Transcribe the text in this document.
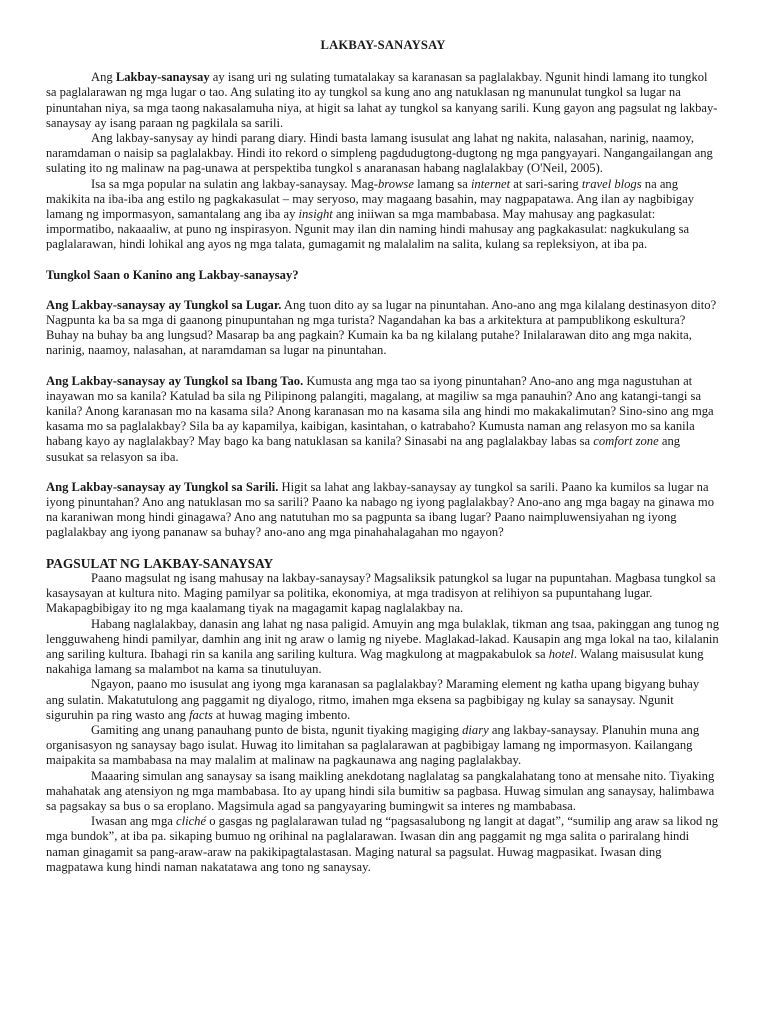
LAKBAY-SANAYSAY

Ang Lakbay-sanaysay ay isang uri ng sulating tumatalakay sa karanasan sa paglalakbay. Ngunit hindi lamang ito tungkol sa paglalarawan ng mga lugar o tao. Ang sulating ito ay tungkol sa kung ano ang natuklasan ng manunulat tungkol sa lugar na pinuntahan niya, sa mga taong nakasalamuha niya, at higit sa lahat ay tungkol sa kanyang sarili. Kung gayon ang pagsulat ng lakbay-sanaysay ay isang paraan ng pagkilala sa sarili.

Ang lakbay-sanysay ay hindi parang diary. Hindi basta lamang isusulat ang lahat ng nakita, nalasahan, narinig, naamoy, naramdaman o naisip sa paglalakbay. Hindi ito rekord o simpleng pagdudugtong-dugtong ng mga pangyayari. Nangangailangan ang sulating ito ng malinaw na pag-unawa at perspektiba tungkol s anaranasan habang naglalakbay (O'Neil, 2005).

Isa sa mga popular na sulatin ang lakbay-sanaysay. Mag-browse lamang sa internet at sari-saring travel blogs na ang makikita na iba-iba ang estilo ng pagkakasulat – may seryoso, may magaang basahin, may nagpapatawa. Ang ilan ay nagbibigay lamang ng impormasyon, samantalang ang iba ay insight ang iniiwan sa mga mambabasa. May mahusay ang pagkasulat: impormatibo, nakaaaliw, at puno ng inspirasyon. Ngunit may ilan din naming hindi mahusay ang pagkakasulat: nagkukulang sa paglalarawan, hindi lohikal ang ayos ng mga talata, gumagamit ng malalalim na salita, kulang sa repleksiyon, at iba pa.

Tungkol Saan o Kanino ang Lakbay-sanaysay?

Ang Lakbay-sanaysay ay Tungkol sa Lugar. Ang tuon dito ay sa lugar na pinuntahan. Ano-ano ang mga kilalang destinasyon dito? Nagpunta ka ba sa mga di gaanong pinupuntahan ng mga turista? Nagandahan ka bas a arkitektura at pampublikong eskultura? Buhay na buhay ba ang lungsud? Masarap ba ang pagkain? Kumain ka ba ng kilalang putahe? Inilalarawan dito ang mga nakita, narinig, naamoy, nalasahan, at naramdaman sa lugar na pinuntahan.

Ang Lakbay-sanaysay ay Tungkol sa Ibang Tao. Kumusta ang mga tao sa iyong pinuntahan? Ano-ano ang mga nagustuhan at inayawan mo sa kanila? Katulad ba sila ng Pilipinong palangiti, magalang, at magiliw sa mga panauhin? Ano ang katangi-tangi sa kanila? Anong karanasan mo na kasama sila? Anong karanasan mo na kasama sila ang hindi mo makakalimutan? Sino-sino ang mga kasama mo sa paglalakbay? Sila ba ay kapamilya, kaibigan, kasintahan, o katrabaho? Kumusta naman ang relasyon mo sa kanila habang kayo ay naglalakbay? May bago ka bang natuklasan sa kanila? Sinasabi na ang paglalakbay labas sa comfort zone ang susukat sa relasyon sa iba.

Ang Lakbay-sanaysay ay Tungkol sa Sarili. Higit sa lahat ang lakbay-sanaysay ay tungkol sa sarili. Paano ka kumilos sa lugar na iyong pinuntahan? Ano ang natuklasan mo sa sarili? Paano ka nabago ng iyong paglalakbay? Ano-ano ang mga bagay na ginawa mo na karaniwan mong hindi ginagawa? Ano ang natutuhan mo sa pagpunta sa ibang lugar? Paano naimpluwensiyahan ng iyong paglalakbay ang iyong pananaw sa buhay? ano-ano ang mga pinahahalagahan mo ngayon?

PAGSULAT NG LAKBAY-SANAYSAY

Paano magsulat ng isang mahusay na lakbay-sanaysay? Magsaliksik patungkol sa lugar na pupuntahan. Magbasa tungkol sa kasaysayan at kultura nito. Maging pamilyar sa politika, ekonomiya, at mga tradisyon at relihiyon sa pupuntahang lugar. Makapagbibigay ito ng mga kaalamang tiyak na magagamit kapag naglalakbay na.

Habang naglalakbay, danasin ang lahat ng nasa paligid. Amuyin ang mga bulaklak, tikman ang tsaa, pakinggan ang tunog ng lengguwaheng hindi pamilyar, damhin ang init ng araw o lamig ng niyebe. Maglakad-lakad. Kausapin ang mga lokal na tao, kilalanin ang sariling kultura. Ibahagi rin sa kanila ang sariling kultura. Wag magkulong at magpakabulok sa hotel. Walang maisusulat kung nakahiga lamang sa malambot na kama sa tinutuluyan.

Ngayon, paano mo isusulat ang iyong mga karanasan sa paglalakbay? Maraming element ng katha upang bigyang buhay ang sulatin. Makatutulong ang paggamit ng diyalogo, ritmo, imahen mga eksena sa pagbibigay ng kulay sa sanaysay. Ngunit siguruhin pa ring wasto ang facts at huwag maging imbento.

Gamiting ang unang panauhang punto de bista, ngunit tiyaking magiging diary ang lakbay-sanaysay. Planuhin muna ang organisasyon ng sanaysay bago isulat. Huwag ito limitahan sa paglalarawan at pagbibigay lamang ng impormasyon. Kailangang maipakita sa mambabasa na may malalim at malinaw na pagkaunawa ang naging paglalakbay.

Maaaring simulan ang sanaysay sa isang maikling anekdotang naglalatag sa pangkalahatang tono at mensahe nito. Tiyaking mahahatak ang atensiyon ng mga mambabasa. Ito ay upang hindi sila bumitiw sa pagbasa. Huwag simulan ang sanaysay, halimbawa sa pagsakay sa bus o sa eroplano. Magsimula agad sa pangyayaring bumingwit sa interes ng mambabasa.

Iwasan ang mga cliché o gasgas ng paglalarawan tulad ng “pagsasalubong ng langit at dagat”, “sumilip ang araw sa likod ng mga bundok”, at iba pa. sikaping bumuo ng orihinal na paglalarawan. Iwasan din ang paggamit ng mga salita o pariralang hindi naman ginagamit sa pang-araw-araw na pakikipagtalastasan. Maging natural sa pagsulat. Huwag magpasikat. Iwasan ding magpatawa kung hindi naman nakatatawa ang tono ng sanaysay.
